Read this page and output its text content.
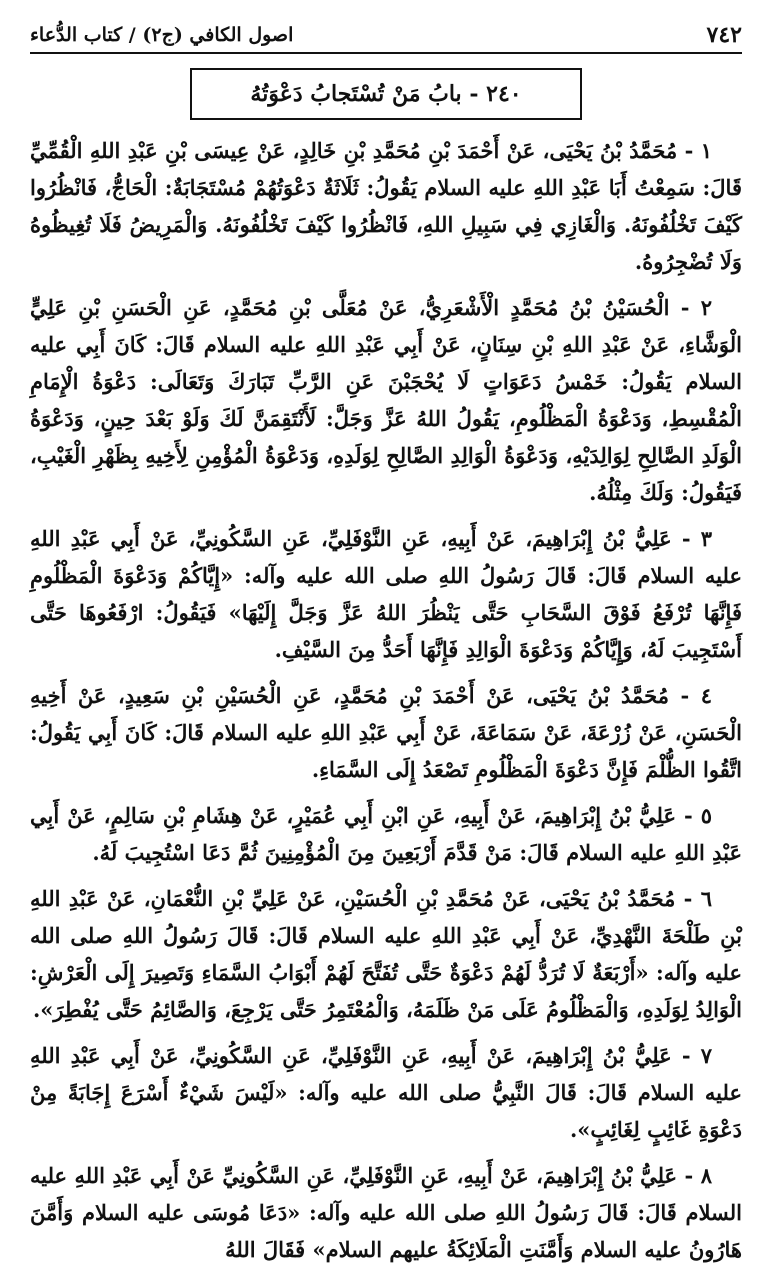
٧٤٢
اصول الكافي (ج٢) / كتاب الدُّعاء
٢٤٠ - بابُ مَنْ تُسْتَجابُ دَعْوَتُهُ

١ - مُحَمَّدُ بْنُ يَحْيَى، عَنْ أَحْمَدَ بْنِ مُحَمَّدِ بْنِ خَالِدٍ، عَنْ عِيسَى بْنِ عَبْدِ اللهِ الْقُمِّيِّ قَالَ: سَمِعْتُ أَبَا عَبْدِ اللهِ عليه السلام يَقُولُ: ثَلَاثَةٌ دَعْوَتُهُمْ مُسْتَجَابَةٌ: الْحَاجُّ، فَانْظُرُوا كَيْفَ تَخْلُفُونَهُ. وَالْغَازِي فِي سَبِيلِ اللهِ، فَانْظُرُوا كَيْفَ تَخْلُفُونَهُ. وَالْمَرِيضُ فَلَا تُغِيظُوهُ وَلَا تُضْجِرُوهُ.

٢ - الْحُسَيْنُ بْنُ مُحَمَّدٍ الْأَشْعَرِيُّ، عَنْ مُعَلَّى بْنِ مُحَمَّدٍ، عَنِ الْحَسَنِ بْنِ عَلِيٍّ الْوَشَّاءِ، عَنْ عَبْدِ اللهِ بْنِ سِنَانٍ، عَنْ أَبِي عَبْدِ اللهِ عليه السلام قَالَ: كَانَ أَبِي عليه السلام يَقُولُ: خَمْسُ دَعَوَاتٍ لَا يُحْجَبْنَ عَنِ الرَّبِّ تَبَارَكَ وَتَعَالَى: دَعْوَةُ الْإِمَامِ الْمُقْسِطِ، وَدَعْوَةُ الْمَظْلُومِ، يَقُولُ اللهُ عَزَّ وَجَلَّ: لَأَنْتَقِمَنَّ لَكَ وَلَوْ بَعْدَ حِينٍ، وَدَعْوَةُ الْوَلَدِ الصَّالِحِ لِوَالِدَيْهِ، وَدَعْوَةُ الْوَالِدِ الصَّالِحِ لِوَلَدِهِ، وَدَعْوَةُ الْمُؤْمِنِ لِأَخِيهِ بِظَهْرِ الْغَيْبِ، فَيَقُولُ: وَلَكَ مِثْلُهُ.

٣ - عَلِيُّ بْنُ إِبْرَاهِيمَ، عَنْ أَبِيهِ، عَنِ النَّوْفَلِيِّ، عَنِ السَّكُونِيِّ، عَنْ أَبِي عَبْدِ اللهِ عليه السلام قَالَ: قَالَ رَسُولُ اللهِ صلى الله عليه وآله: «إِيَّاكُمْ وَدَعْوَةَ الْمَظْلُومِ فَإِنَّهَا تُرْفَعُ فَوْقَ السَّحَابِ حَتَّى يَنْظُرَ اللهُ عَزَّ وَجَلَّ إِلَيْهَا» فَيَقُولُ: ارْفَعُوهَا حَتَّى أَسْتَجِيبَ لَهُ، وَإِيَّاكُمْ وَدَعْوَةَ الْوَالِدِ فَإِنَّهَا أَحَدُّ مِنَ السَّيْفِ.

٤ - مُحَمَّدُ بْنُ يَحْيَى، عَنْ أَحْمَدَ بْنِ مُحَمَّدٍ، عَنِ الْحُسَيْنِ بْنِ سَعِيدٍ، عَنْ أَخِيهِ الْحَسَنِ، عَنْ زُرْعَةَ، عَنْ سَمَاعَةَ، عَنْ أَبِي عَبْدِ اللهِ عليه السلام قَالَ: كَانَ أَبِي يَقُولُ: اتَّقُوا الظُّلْمَ فَإِنَّ دَعْوَةَ الْمَظْلُومِ تَصْعَدُ إِلَى السَّمَاءِ.

٥ - عَلِيُّ بْنُ إِبْرَاهِيمَ، عَنْ أَبِيهِ، عَنِ ابْنِ أَبِي عُمَيْرٍ، عَنْ هِشَامِ بْنِ سَالِمٍ، عَنْ أَبِي عَبْدِ اللهِ عليه السلام قَالَ: مَنْ قَدَّمَ أَرْبَعِينَ مِنَ الْمُؤْمِنِينَ ثُمَّ دَعَا اسْتُجِيبَ لَهُ.

٦ - مُحَمَّدُ بْنُ يَحْيَى، عَنْ مُحَمَّدِ بْنِ الْحُسَيْنِ، عَنْ عَلِيِّ بْنِ النُّعْمَانِ، عَنْ عَبْدِ اللهِ بْنِ طَلْحَةَ النَّهْدِيِّ، عَنْ أَبِي عَبْدِ اللهِ عليه السلام قَالَ: قَالَ رَسُولُ اللهِ صلى الله عليه وآله: «أَرْبَعَةٌ لَا تُرَدُّ لَهُمْ دَعْوَةٌ حَتَّى تُفَتَّحَ لَهُمْ أَبْوَابُ السَّمَاءِ وَتَصِيرَ إِلَى الْعَرْشِ: الْوَالِدُ لِوَلَدِهِ، وَالْمَظْلُومُ عَلَى مَنْ ظَلَمَهُ، وَالْمُعْتَمِرُ حَتَّى يَرْجِعَ، وَالصَّائِمُ حَتَّى يُفْطِرَ».

٧ - عَلِيُّ بْنُ إِبْرَاهِيمَ، عَنْ أَبِيهِ، عَنِ النَّوْفَلِيِّ، عَنِ السَّكُونِيِّ، عَنْ أَبِي عَبْدِ اللهِ عليه السلام قَالَ: قَالَ النَّبِيُّ صلى الله عليه وآله: «لَيْسَ شَيْءٌ أَسْرَعَ إِجَابَةً مِنْ دَعْوَةِ غَائِبٍ لِغَائِبٍ».

٨ - عَلِيُّ بْنُ إِبْرَاهِيمَ، عَنْ أَبِيهِ، عَنِ النَّوْفَلِيِّ، عَنِ السَّكُونِيِّ عَنْ أَبِي عَبْدِ اللهِ عليه السلام قَالَ: قَالَ رَسُولُ اللهِ صلى الله عليه وآله: «دَعَا مُوسَى عليه السلام وَأَمَّنَ هَارُونُ عليه السلام وَأَمَّنَتِ الْمَلَائِكَةُ عليهم السلام» فَقَالَ اللهُ
